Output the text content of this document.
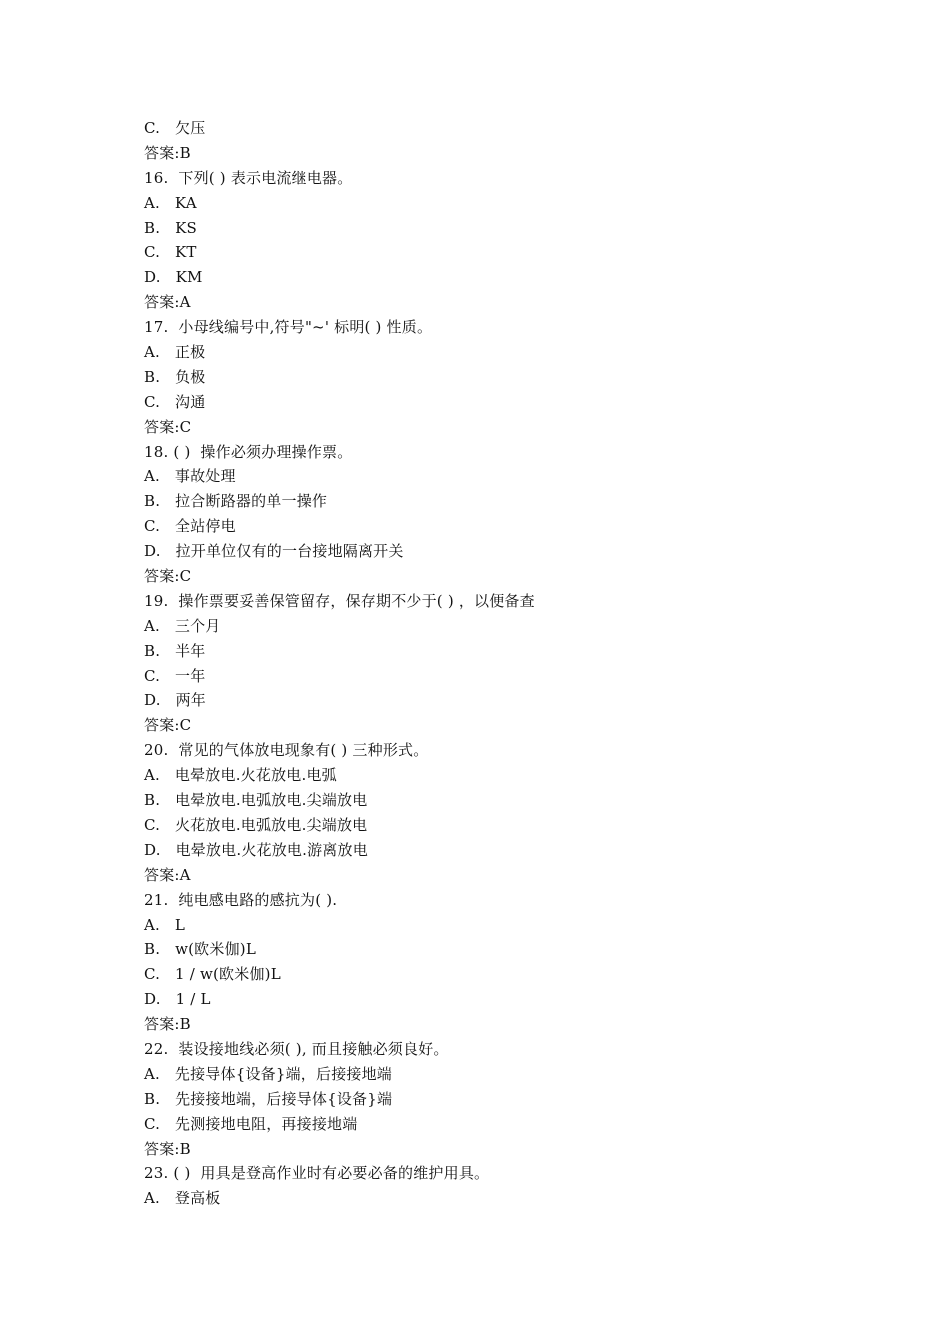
C.   欠压
答案:B
16.  下列( ) 表示电流继电器。
A.   KA
B.   KS
C.   KT
D.   KM
答案:A
17.  小母线编号中,符号"~' 标明( ) 性质。
A.   正极
B.   负极
C.   沟通
答案:C
18. ( )  操作必须办理操作票。
A.   事故处理
B.   拉合断路器的单一操作
C.   全站停电
D.   拉开单位仅有的一台接地隔离开关
答案:C
19.  操作票要妥善保管留存，保存期不少于( ) ，以便备查
A.   三个月
B.   半年
C.   一年
D.   两年
答案:C
20.  常见的气体放电现象有( ) 三种形式。
A.   电晕放电.火花放电.电弧
B.   电晕放电.电弧放电.尖端放电
C.   火花放电.电弧放电.尖端放电
D.   电晕放电.火花放电.游离放电
答案:A
21.  纯电感电路的感抗为( ).
A.   L
B.   w(欧米伽)L
C.   1 / w(欧米伽)L
D.   1 / L
答案:B
22.  装设接地线必须( ), 而且接触必须良好。
A.   先接导体{设备}端，后接接地端
B.   先接接地端，后接导体{设备}端
C.   先测接地电阻，再接接地端
答案:B
23. ( )  用具是登高作业时有必要必备的维护用具。
A.   登高板
